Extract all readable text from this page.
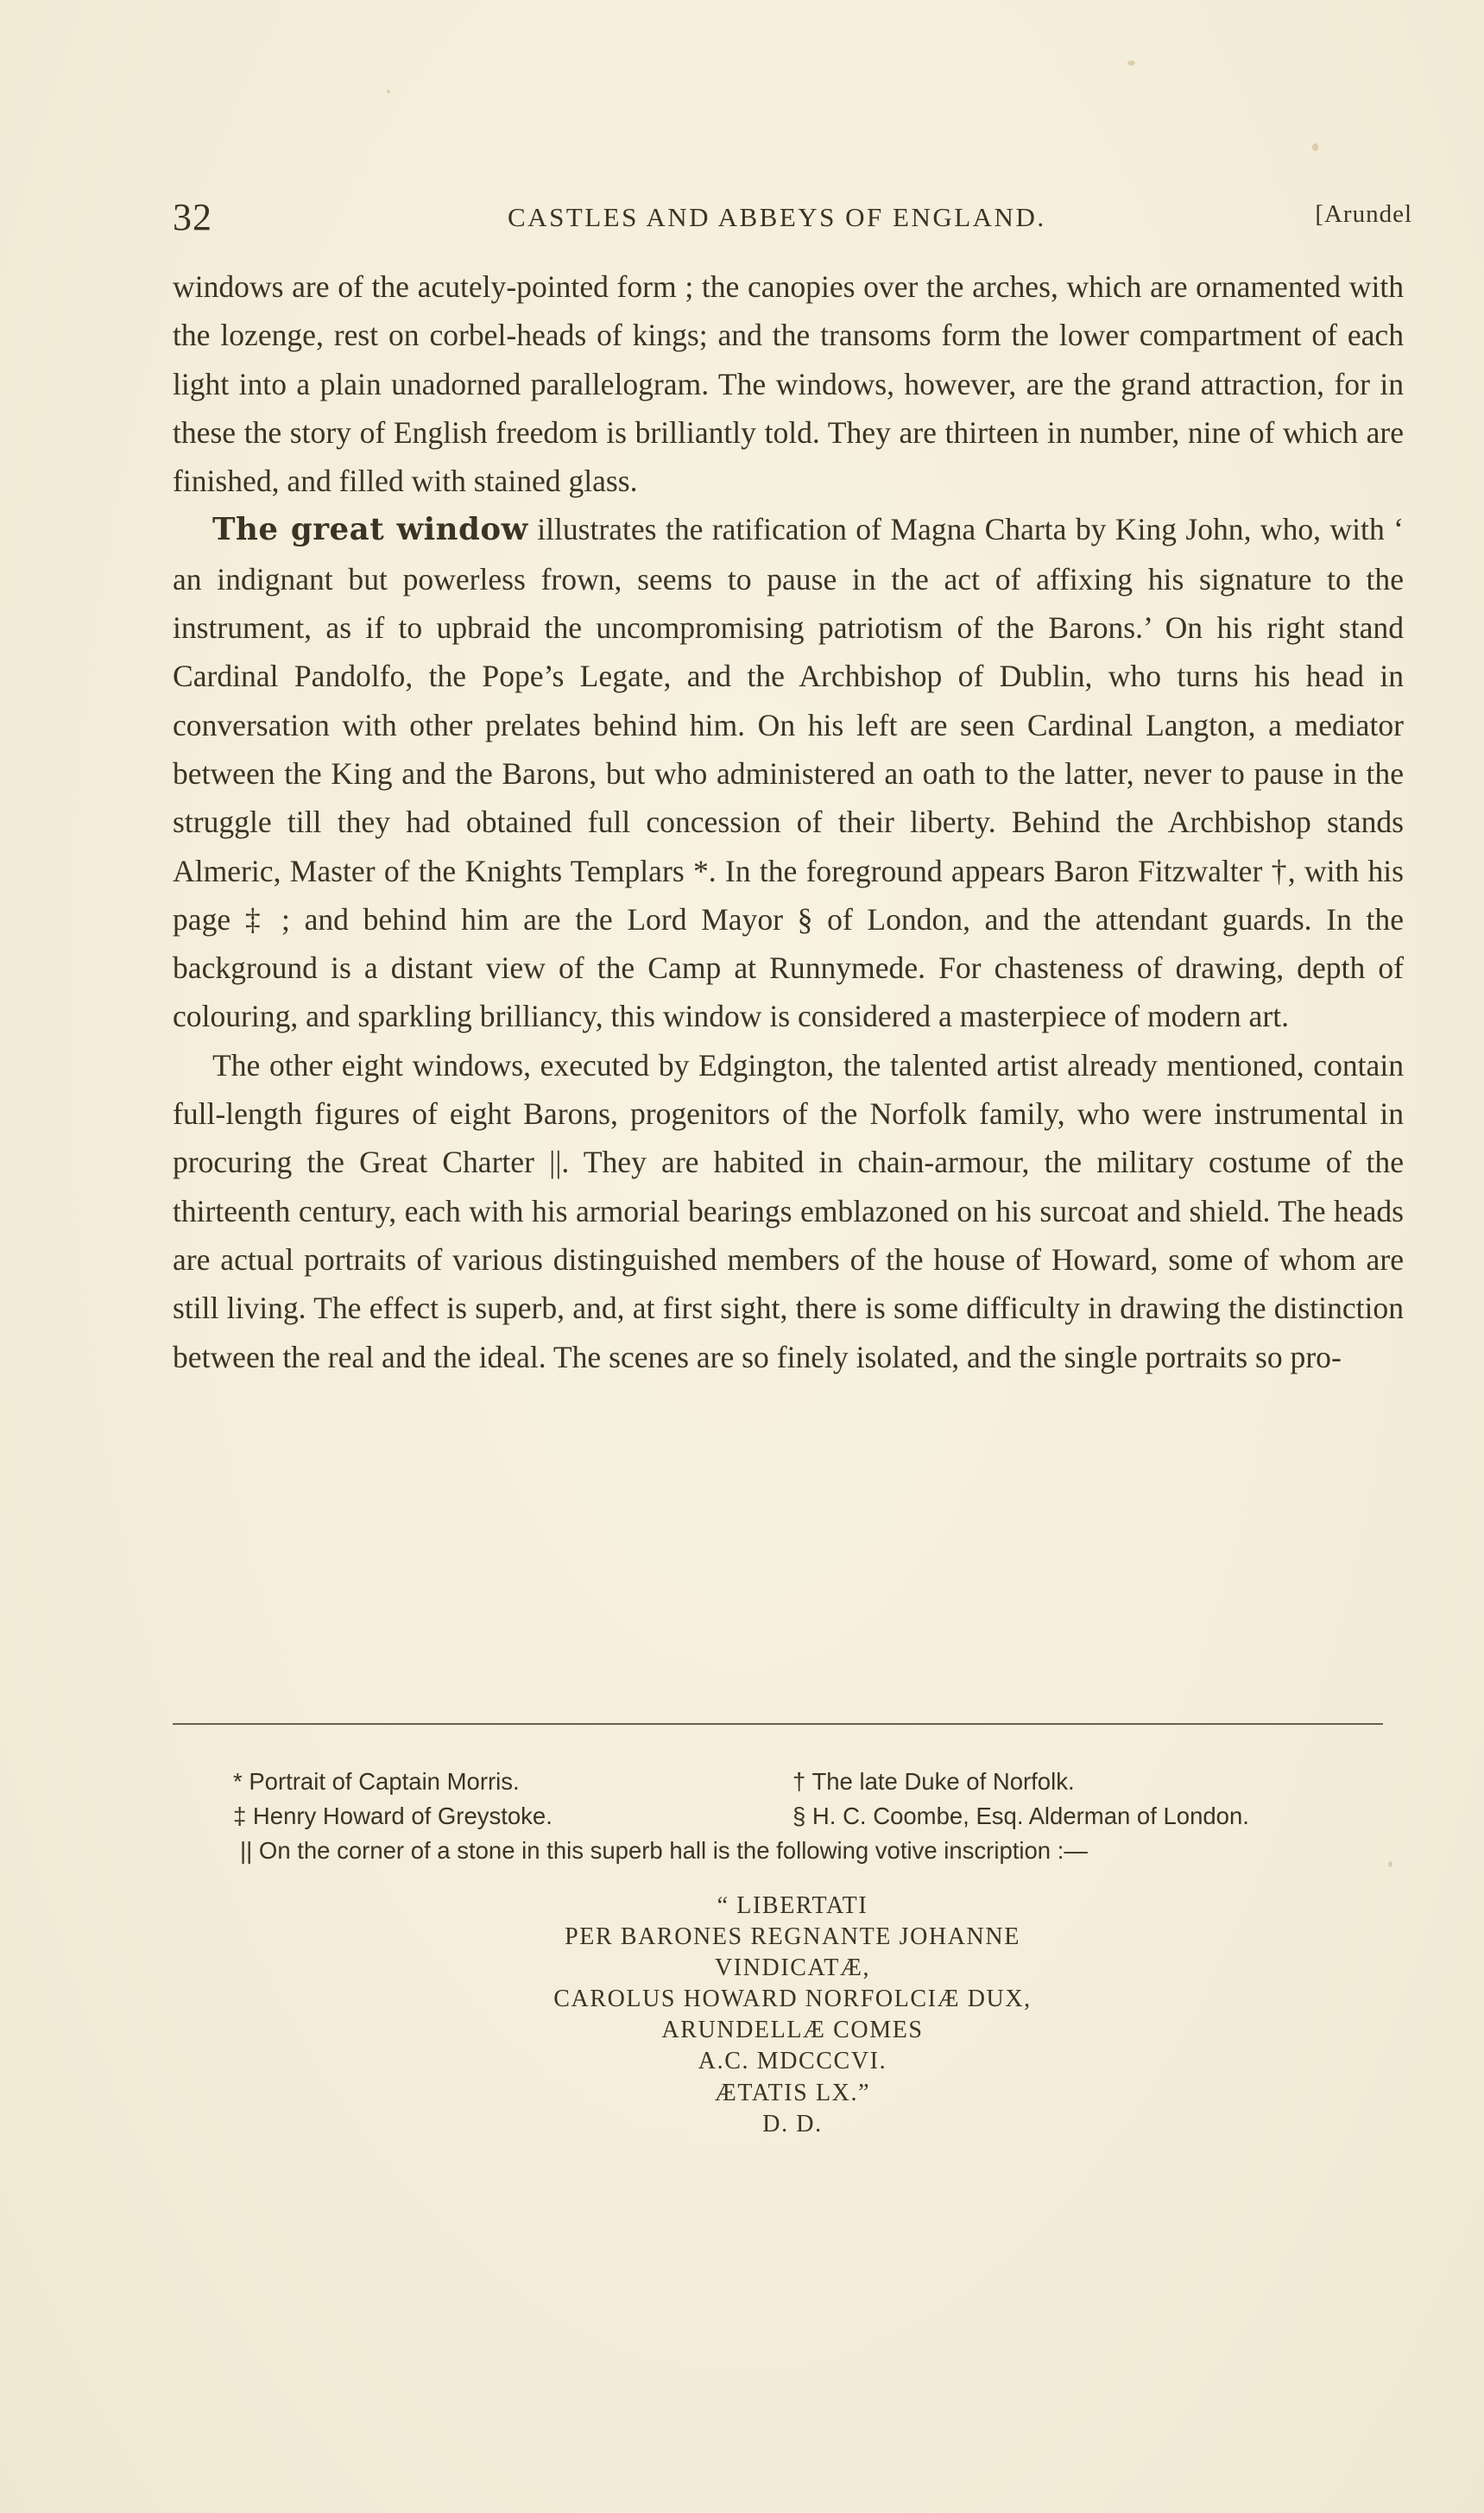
32	CASTLES AND ABBEYS OF ENGLAND.	[Arundel

windows are of the acutely-pointed form ; the canopies over the arches, which are ornamented with the lozenge, rest on corbel-heads of kings; and the transoms form the lower compartment of each light into a plain unadorned parallelogram. The windows, however, are the grand attraction, for in these the story of English freedom is brilliantly told. They are thirteen in number, nine of which are finished, and filled with stained glass.

The great window illustrates the ratification of Magna Charta by King John, who, with ‘ an indignant but powerless frown, seems to pause in the act of affixing his signature to the instrument, as if to upbraid the uncompromising patriotism of the Barons.’ On his right stand Cardinal Pandolfo, the Pope’s Legate, and the Archbishop of Dublin, who turns his head in conversation with other prelates behind him. On his left are seen Cardinal Langton, a mediator between the King and the Barons, but who administered an oath to the latter, never to pause in the struggle till they had obtained full concession of their liberty. Behind the Archbishop stands Almeric, Master of the Knights Templars *. In the foreground appears Baron Fitzwalter †, with his page ‡ ; and behind him are the Lord Mayor § of London, and the attendant guards. In the background is a distant view of the Camp at Runnymede. For chasteness of drawing, depth of colouring, and sparkling brilliancy, this window is considered a masterpiece of modern art.

The other eight windows, executed by Edgington, the talented artist already mentioned, contain full-length figures of eight Barons, progenitors of the Norfolk family, who were instrumental in procuring the Great Charter ||. They are habited in chain-armour, the military costume of the thirteenth century, each with his armorial bearings emblazoned on his surcoat and shield. The heads are actual portraits of various distinguished members of the house of Howard, some of whom are still living. The effect is superb, and, at first sight, there is some difficulty in drawing the distinction between the real and the ideal. The scenes are so finely isolated, and the single portraits so pro-

* Portrait of Captain Morris.	† The late Duke of Norfolk.
‡ Henry Howard of Greystoke.	§ H. C. Coombe, Esq. Alderman of London.
|| On the corner of a stone in this superb hall is the following votive inscription :—
“ LIBERTATI
PER BARONES REGNANTE JOHANNE
VINDICATÆ,
CAROLUS HOWARD NORFOLCIÆ DUX,
ARUNDELLÆ COMES
A.C. MDCCCVI.
ÆTATIS LX.”
D. D.
